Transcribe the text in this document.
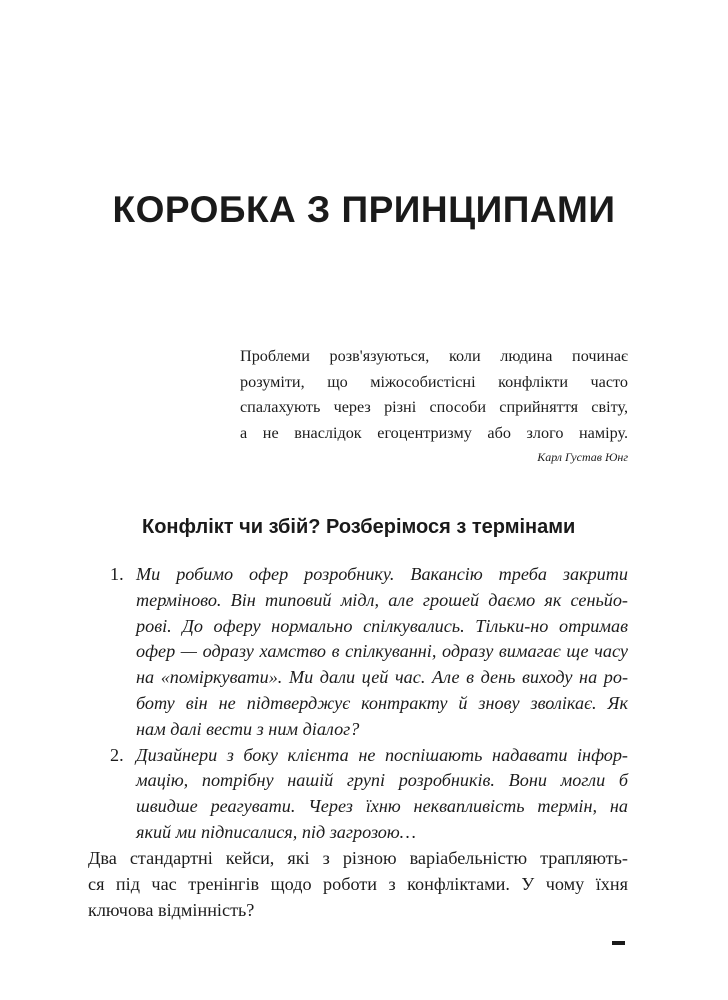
КОРОБКА З ПРИНЦИПАМИ
Проблеми розв'язуються, коли людина починає
розуміти, що міжособистісні конфлікти часто
спалахують через різні способи сприйняття світу,
а не внаслідок егоцентризму або злого наміру.

Карл Густав Юнг

Конфлікт чи збій? Розберімося з термінами
1. Ми робимо офер розробнику. Вакансію треба закрити
терміново. Він типовий мідл, але грошей даємо як сеньйо-
рові. До оферу нормально спілкувались. Тільки-но отримав
офер — одразу хамство в спілкуванні, одразу вимагає ще часу
на «поміркувати». Ми дали цей час. Але в день виходу на ро-
боту він не підтверджує контракту й знову зволікає. Як
нам далі вести з ним діалог?
2. Дизайнери з боку клієнта не поспішають надавати інфор-
мацію, потрібну нашій групі розробників. Вони могли б
швидше реагувати. Через їхню неквапливість термін, на
який ми підписалися, під загрозою…
Два стандартні кейси, які з різною варіабельністю трапляють-
ся під час тренінгів щодо роботи з конфліктами. У чому їхня
ключова відмінність?
